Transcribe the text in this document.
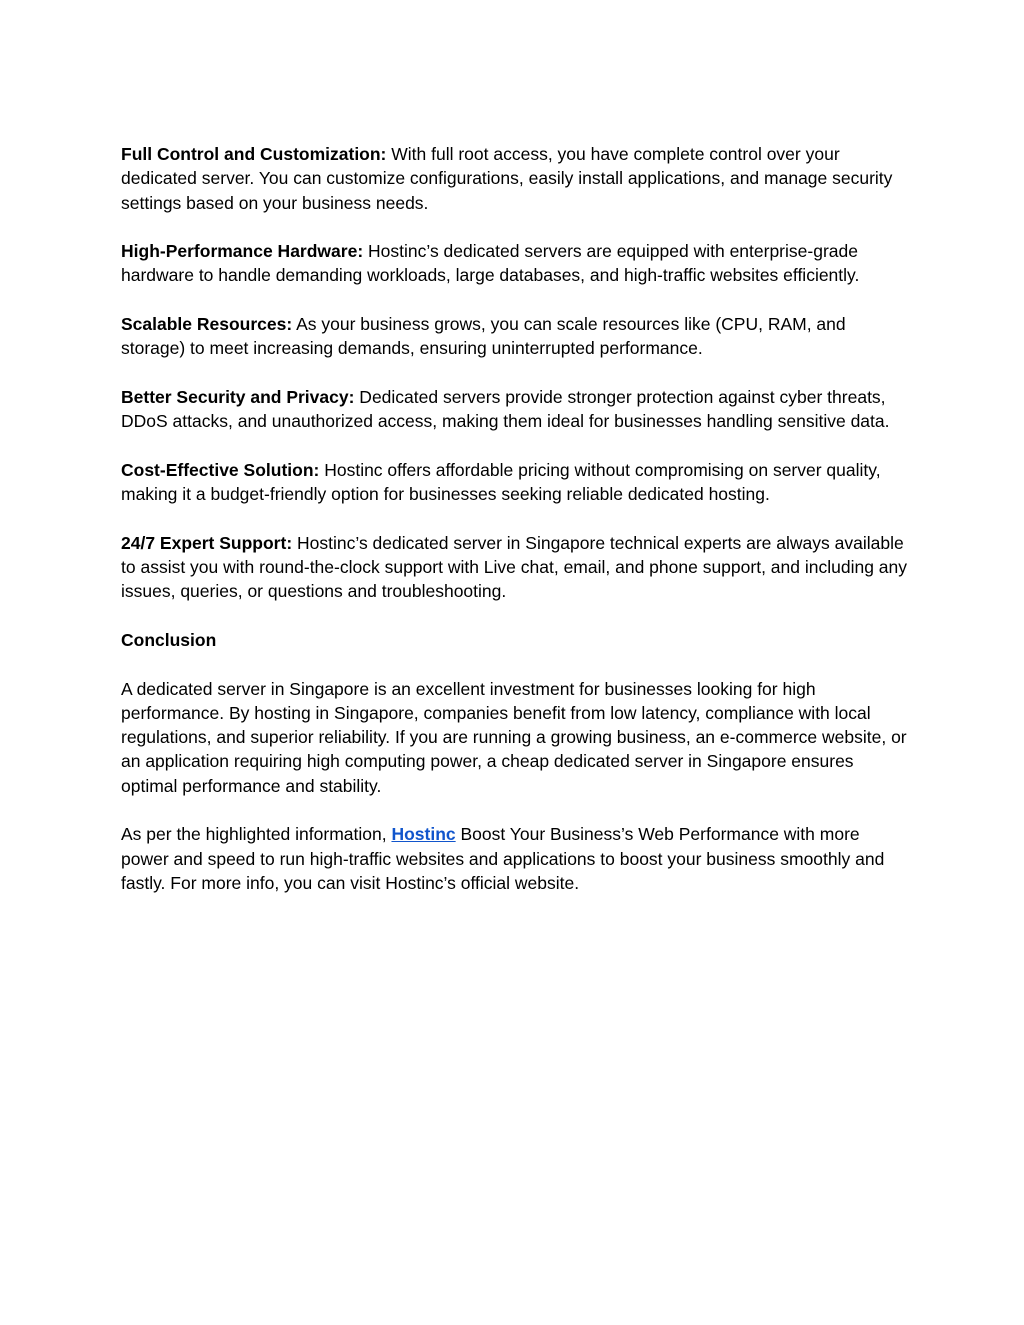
Full Control and Customization: With full root access, you have complete control over your dedicated server. You can customize configurations, easily install applications, and manage security settings based on your business needs.

High-Performance Hardware: Hostinc’s dedicated servers are equipped with enterprise-grade hardware to handle demanding workloads, large databases, and high-traffic websites efficiently.

Scalable Resources: As your business grows, you can scale resources like (CPU, RAM, and storage) to meet increasing demands, ensuring uninterrupted performance.

Better Security and Privacy: Dedicated servers provide stronger protection against cyber threats, DDoS attacks, and unauthorized access, making them ideal for businesses handling sensitive data.

Cost-Effective Solution: Hostinc offers affordable pricing without compromising on server quality, making it a budget-friendly option for businesses seeking reliable dedicated hosting.

24/7 Expert Support: Hostinc’s dedicated server in Singapore technical experts are always available to assist you with round-the-clock support with Live chat, email, and phone support, and including any issues, queries, or questions and troubleshooting.

Conclusion

A dedicated server in Singapore is an excellent investment for businesses looking for high performance. By hosting in Singapore, companies benefit from low latency, compliance with local regulations, and superior reliability. If you are running a growing business, an e-commerce website, or an application requiring high computing power, a cheap dedicated server in Singapore ensures optimal performance and stability.

As per the highlighted information, Hostinc Boost Your Business’s Web Performance with more power and speed to run high-traffic websites and applications to boost your business smoothly and fastly. For more info, you can visit Hostinc’s official website.
